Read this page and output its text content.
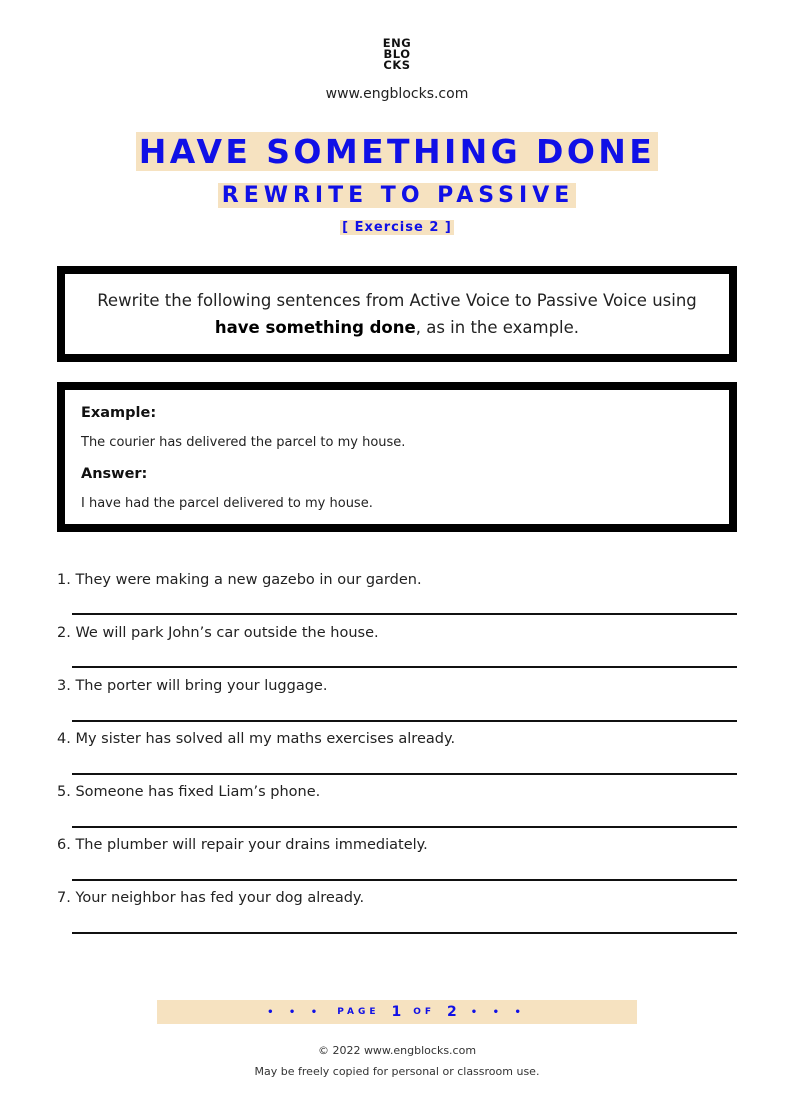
ENG
BLO
CKS
www.engblocks.com
HAVE SOMETHING DONE
REWRITE TO PASSIVE
[ Exercise 2 ]
Rewrite the following sentences from Active Voice to Passive Voice using
have something done, as in the example.
Example:
The courier has delivered the parcel to my house.
Answer:
I have had the parcel delivered to my house.
1. They were making a new gazebo in our garden.
2. We will park John’s car outside the house.
3. The porter will bring your luggage.
4. My sister has solved all my maths exercises already.
5. Someone has fixed Liam’s phone.
6. The plumber will repair your drains immediately.
7. Your neighbor has fed your dog already.
• • • PAGE 1 OF 2 • • •
© 2022 www.engblocks.com
May be freely copied for personal or classroom use.
